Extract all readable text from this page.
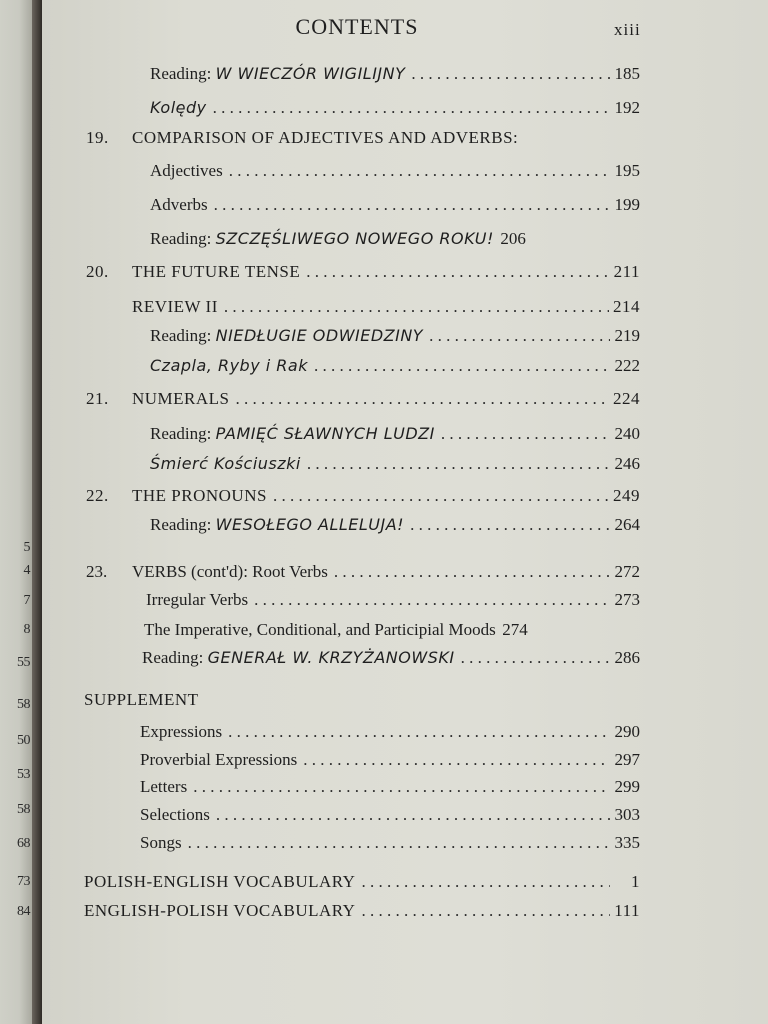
5
4
7
8
55
58
50
53
58
68
73
84
CONTENTS	xiii
Reading:
W WIECZÓR WIGILIJNY . . .	185
Kolędy . . .	192
19.	COMPARISON OF ADJECTIVES AND ADVERBS:
Adjectives . . .	195
Adverbs . . .	199
Reading:
SZCZĘŚLIWEGO NOWEGO ROKU! 206
20.	THE FUTURE TENSE . . .	211
REVIEW II . . .	214
Reading:
NIEDŁUGIE ODWIEDZINY . . .	219
Czapla, Ryby i Rak . . .	222
21.	NUMERALS . . .	224
Reading:
PAMIĘĆ SŁAWNYCH LUDZI . . .	240
Śmierć Kościuszki . . .	246
22.	THE PRONOUNS . . .	249
Reading:
WESOŁEGO ALLELUJA! . . .	264
23.	VERBS (cont'd): Root Verbs . . .	272
Irregular Verbs . . .	273
The Imperative, Conditional, and Participial Moods 274
Reading:
GENERAŁ W. KRZYŻANOWSKI . . .	286
SUPPLEMENT
Expressions . . .	290
Proverbial Expressions . . .	297
Letters . . .	299
Selections . . .	303
Songs . . .	335
POLISH-ENGLISH VOCABULARY . . .	1
ENGLISH-POLISH VOCABULARY . . .	111
